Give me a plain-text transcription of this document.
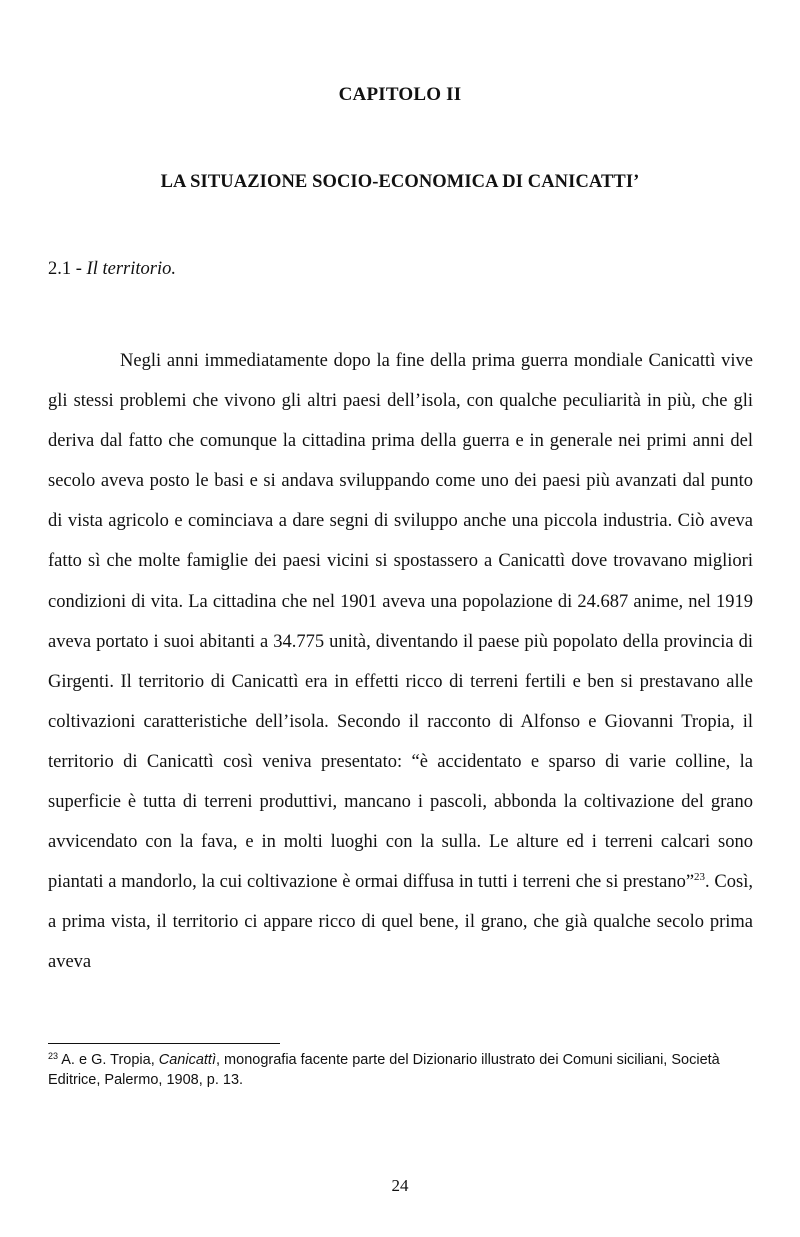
CAPITOLO II
LA SITUAZIONE SOCIO-ECONOMICA DI CANICATTI’
2.1 - Il territorio.

Negli anni immediatamente dopo la fine della prima guerra mondiale Canicattì vive gli stessi problemi che vivono gli altri paesi dell’isola, con qualche peculiarità in più, che gli deriva dal fatto che comunque la cittadina prima della guerra e in generale nei primi anni del secolo aveva posto le basi e si andava sviluppando come uno dei paesi più avanzati dal punto di vista agricolo e cominciava a dare segni di sviluppo anche una piccola industria. Ciò aveva fatto sì che molte famiglie dei paesi vicini si spostassero a Canicattì dove trovavano migliori condizioni di vita. La cittadina che nel 1901 aveva una popolazione di 24.687 anime, nel 1919 aveva portato i suoi abitanti a 34.775 unità, diventando il paese più popolato della provincia di Girgenti. Il territorio di Canicattì era in effetti ricco di terreni fertili e ben si prestavano alle coltivazioni caratteristiche dell’isola. Secondo il racconto di Alfonso e Giovanni Tropia, il territorio di Canicattì così veniva presentato: “è accidentato e sparso di varie colline, la superficie è tutta di terreni produttivi, mancano i pascoli, abbonda la coltivazione del grano avvicendato con la fava, e in molti luoghi con la sulla. Le alture ed i terreni calcari sono piantati a mandorlo, la cui coltivazione è ormai diffusa in tutti i terreni che si prestano”$^{23}$. Così, a prima vista, il territorio ci appare ricco di quel bene, il grano, che già qualche secolo prima aveva

$^{23}$ A. e G. Tropia, Canicattì, monografia facente parte del Dizionario illustrato dei Comuni siciliani, Società Editrice, Palermo, 1908, p. 13.

24
